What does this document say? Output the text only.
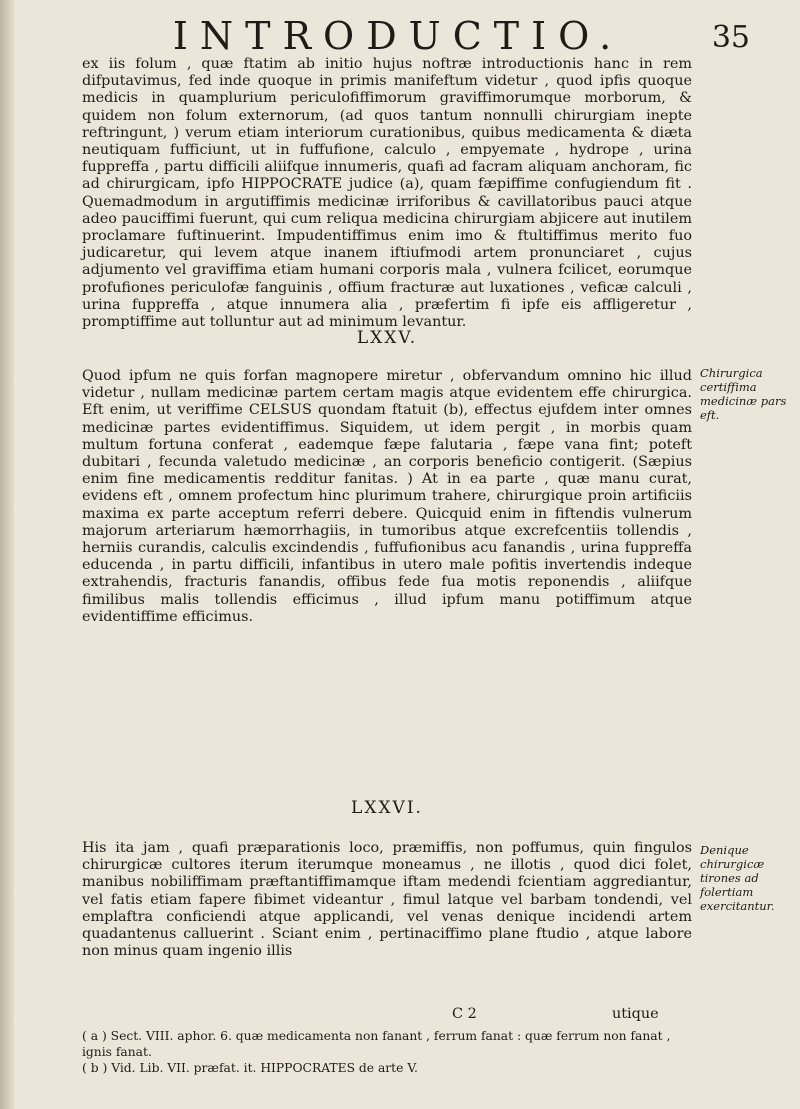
INTRODUCTIO.	35

ex iis folum , quæ ftatim ab initio hujus noftræ introductionis hanc in rem difputavimus, fed inde quoque in primis manifeftum videtur , quod ipfis quoque medicis in quamplurium periculofiffimorum graviffimorumque morborum, & quidem non folum externorum, (ad quos tantum nonnulli chirurgiam inepte reftringunt, ) verum etiam interiorum curationibus, quibus medicamenta & diæta neutiquam fufficiunt, ut in fuffufione, calculo , empyemate , hydrope , urina fuppreffa , partu difficili aliifque innumeris, quafi ad facram aliquam anchoram, fic ad chirurgicam, ipfo HIPPOCRATE judice (a), quam fæpiffime confugiendum fit . Quemadmodum in argutiffimis medicinæ irriforibus & cavillatoribus pauci atque adeo pauciffimi fuerunt, qui cum reliqua medicina chirurgiam abjicere aut inutilem proclamare fuftinuerint. Impudentiffimus enim imo & ftultiffimus merito fuo judicaretur, qui levem atque inanem iftiufmodi artem pronunciaret , cujus adjumento vel graviffima etiam humani corporis mala , vulnera fcilicet, eorumque profufiones periculofæ fanguinis , offium fracturæ aut luxationes , veficæ calculi , urina fuppreffa , atque innumera alia , præfertim fi ipfe eis affligeretur , promptiffime aut tolluntur aut ad minimum levantur.

LXXV.

Quod ipfum ne quis forfan magnopere miretur , obfervandum omnino hic illud videtur , nullam medicinæ partem certam magis atque evidentem effe chirurgica. Eft enim, ut veriffime CELSUS quondam ftatuit (b), effectus ejufdem inter omnes medicinæ partes evidentiffimus. Siquidem, ut idem pergit , in morbis quam multum fortuna conferat , eademque fæpe falutaria , fæpe vana fint; poteft dubitari , fecunda valetudo medicinæ , an corporis beneficio contigerit. (Sæpius enim fine medicamentis redditur fanitas. ) At in ea parte , quæ manu curat, evidens eft , omnem profectum hinc plurimum trahere, chirurgique proin artificiis maxima ex parte acceptum referri debere. Quicquid enim in fiftendis vulnerum majorum arteriarum hæmorrhagiis, in tumoribus atque excrefcentiis tollendis , herniis curandis, calculis excindendis , fuffufionibus acu fanandis , urina fuppreffa educenda , in partu difficili, infantibus in utero male pofitis invertendis indeque extrahendis, fracturis fanandis, offibus fede fua motis reponendis , aliifque fimilibus malis tollendis efficimus , illud ipfum manu potiffimum atque evidentiffime efficimus.

Chirurgica certiffima medicinæ pars eft.
LXXVI.

His ita jam , quafi præparationis loco, præmiffis, non poffumus, quin fingulos chirurgicæ cultores iterum iterumque moneamus , ne illotis , quod dici folet, manibus nobiliffimam præftantiffimamque iftam medendi fcientiam aggrediantur, vel fatis etiam fapere fibimet videantur , fimul latque vel barbam tondendi, vel emplaftra conficiendi atque applicandi, vel venas denique incidendi artem quadantenus calluerint . Sciant enim , pertinaciffimo plane ftudio , atque labore non minus quam ingenio illis

Denique chirurgicæ tirones ad folertiam exercitantur.
C 2	utique

( a ) Sect. VIII. aphor. 6. quæ medicamenta non fanant , ferrum fanat : quæ ferrum non fanat , ignis fanat.

( b ) Vid. Lib. VII. præfat. it. HIPPOCRATES de arte V.
